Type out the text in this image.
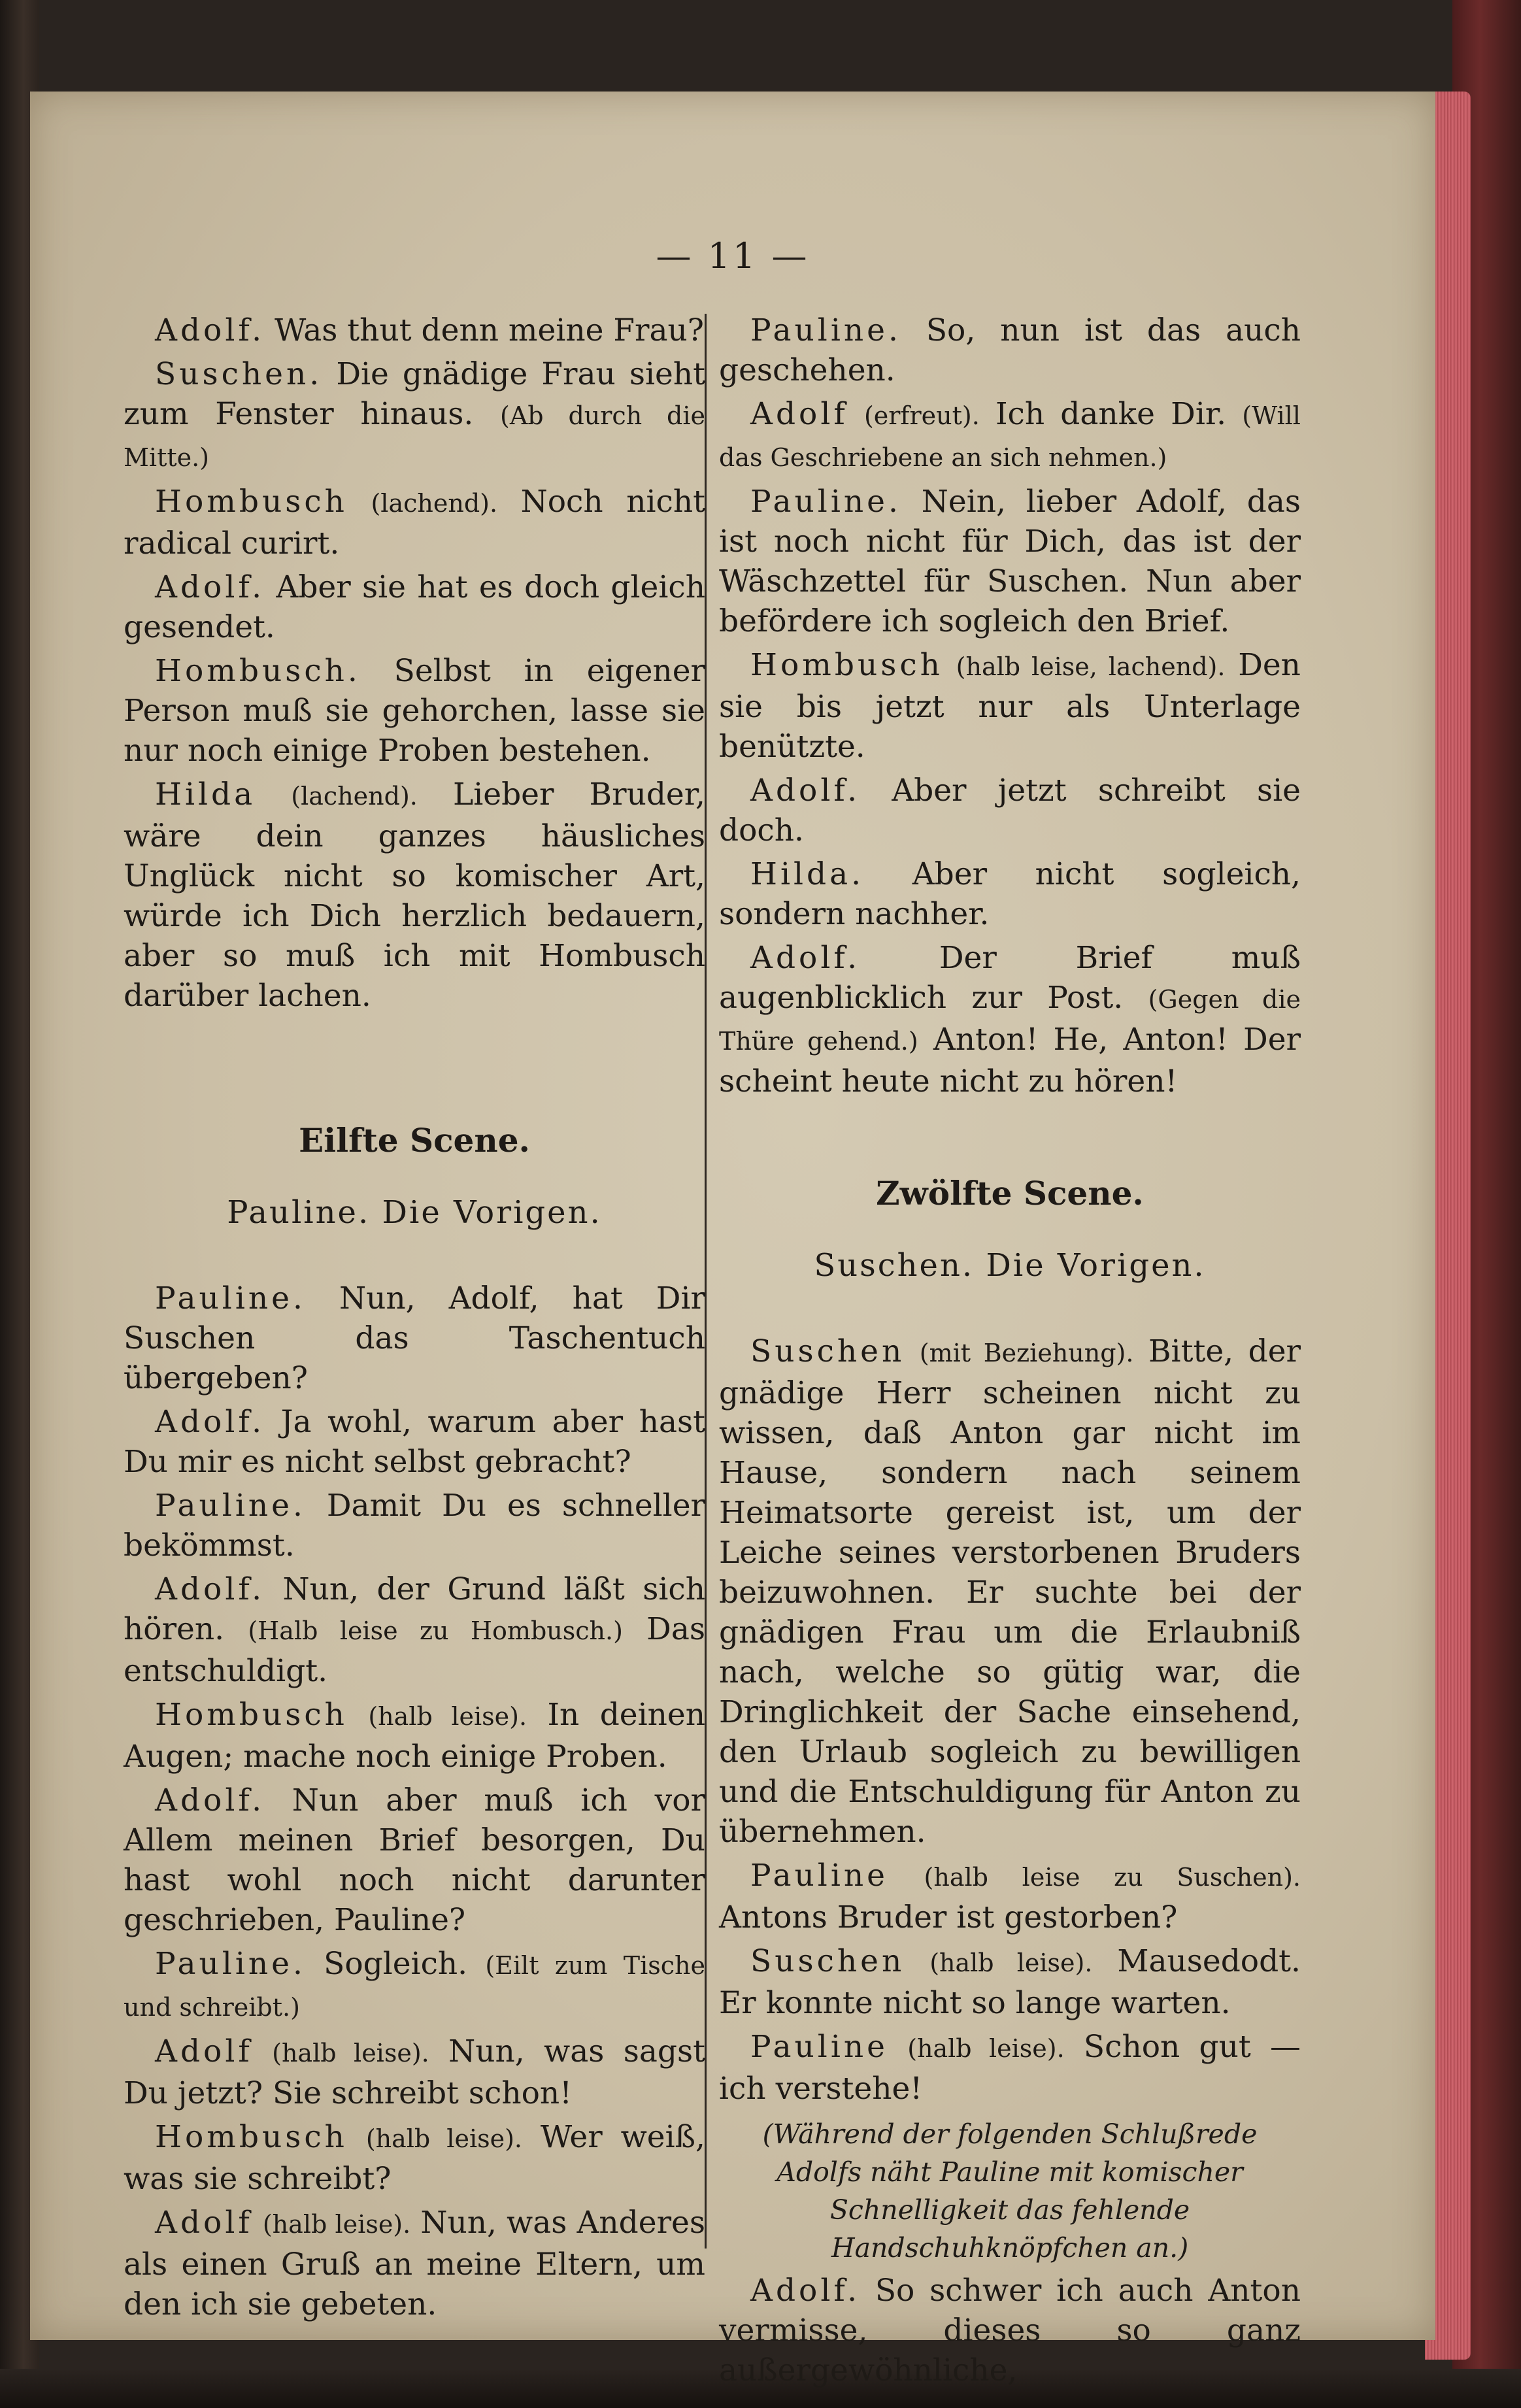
— 11 —
Adolf. Was thut denn meine Frau?
Suschen. Die gnädige Frau sieht zum Fenster hinaus. (Ab durch die Mitte.)
Hombusch (lachend). Noch nicht radical curirt.
Adolf. Aber sie hat es doch gleich gesendet.
Hombusch. Selbst in eigener Person muß sie gehorchen, lasse sie nur noch einige Proben bestehen.
Hilda (lachend). Lieber Bruder, wäre dein ganzes häusliches Unglück nicht so komischer Art, würde ich Dich herzlich bedauern, aber so muß ich mit Hombusch darüber lachen.
Eilfte Scene.
Pauline. Die Vorigen.
Pauline. Nun, Adolf, hat Dir Suschen das Taschentuch übergeben?
Adolf. Ja wohl, warum aber hast Du mir es nicht selbst gebracht?
Pauline. Damit Du es schneller bekömmst.
Adolf. Nun, der Grund läßt sich hören. (Halb leise zu Hombusch.) Das entschuldigt.
Hombusch (halb leise). In deinen Augen; mache noch einige Proben.
Adolf. Nun aber muß ich vor Allem meinen Brief besorgen, Du hast wohl noch nicht darunter geschrieben, Pauline?
Pauline. Sogleich. (Eilt zum Tische und schreibt.)
Adolf (halb leise). Nun, was sagst Du jetzt? Sie schreibt schon!
Hombusch (halb leise). Wer weiß, was sie schreibt?
Adolf (halb leise). Nun, was Anderes als einen Gruß an meine Eltern, um den ich sie gebeten.
Pauline. So, nun ist das auch geschehen.
Adolf (erfreut). Ich danke Dir. (Will das Geschriebene an sich nehmen.)
Pauline. Nein, lieber Adolf, das ist noch nicht für Dich, das ist der Wäschzettel für Suschen. Nun aber befördere ich sogleich den Brief.
Hombusch (halb leise, lachend). Den sie bis jetzt nur als Unterlage benützte.
Adolf. Aber jetzt schreibt sie doch.
Hilda. Aber nicht sogleich, sondern nachher.
Adolf.	Der Brief muß augenblicklich zur Post. (Gegen die Thüre gehend.) Anton! He, Anton! Der scheint heute nicht zu hören!
Zwölfte Scene.
Suschen. Die Vorigen.
Suschen (mit Beziehung). Bitte, der gnädige Herr scheinen nicht zu wissen, daß Anton gar nicht im Hause, sondern nach seinem Heimatsorte gereist ist, um der Leiche seines verstorbenen Bruders beizuwohnen. Er suchte bei der gnädigen Frau um die Erlaubniß nach, welche so gütig war, die Dringlichkeit der Sache einsehend, den Urlaub sogleich zu bewilligen und die Entschuldigung für Anton zu übernehmen.
Pauline (halb leise zu Suschen). Antons Bruder ist gestorben?
Suschen (halb leise). Mausedodt. Er konnte nicht so lange warten.
Pauline (halb leise). Schon gut — ich verstehe!
(Während der folgenden Schlußrede Adolfs näht Pauline mit komischer Schnelligkeit das fehlende Handschuhknöpfchen an.)
Adolf. So schwer ich auch Anton vermisse, dieses so ganz außergewöhnliche,
